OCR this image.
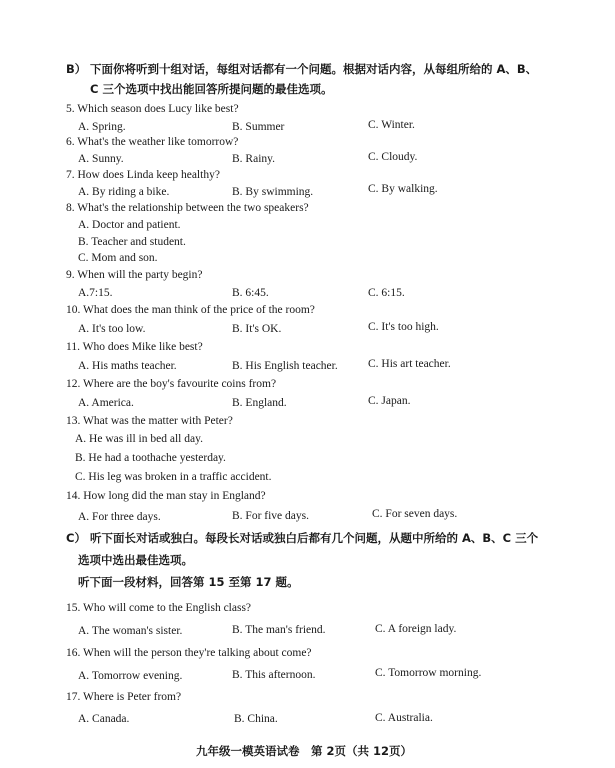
B） 下面你将听到十组对话，每组对话都有一个问题。根据对话内容，从每组所给的 A、B、
C 三个选项中找出能回答所提问题的最佳选项。
5. Which season does Lucy like best?
A. Spring.	B. Summer	C. Winter.
6. What's the weather like tomorrow?
A. Sunny.	B. Rainy.	C. Cloudy.
7. How does Linda keep healthy?
A. By riding a bike.	B. By swimming.	C. By walking.
8. What's the relationship between the two speakers?
A. Doctor and patient.
B. Teacher and student.
C. Mom and son.
9. When will the party begin?
A.7:15.	B. 6:45.	C. 6:15.
10. What does the man think of the price of the room?
A. It's too low.	B. It's OK.	C. It's too high.
11. Who does Mike like best?
A. His maths teacher.	B. His English teacher.	C. His art teacher.
12. Where are the boy's favourite coins from?
A. America.	B. England.	C. Japan.
13. What was the matter with Peter?
A. He was ill in bed all day.
B. He had a toothache yesterday.
C. His leg was broken in a traffic accident.
14. How long did the man stay in England?
A. For three days.	B. For five days.	C. For seven days.
C） 听下面长对话或独白。每段长对话或独白后都有几个问题，从题中所给的 A、B、C 三个
选项中选出最佳选项。
听下面一段材料，回答第 15 至第 17 题。
15. Who will come to the English class?
A. The woman's sister.	B. The man's friend.	C. A foreign lady.
16. When will the person they're talking about come?
A. Tomorrow evening.	B. This afternoon.	C. Tomorrow morning.
17. Where is Peter from?
A. Canada.	B. China.	C. Australia.
九年级一模英语试卷　第 2页（共 12页）
